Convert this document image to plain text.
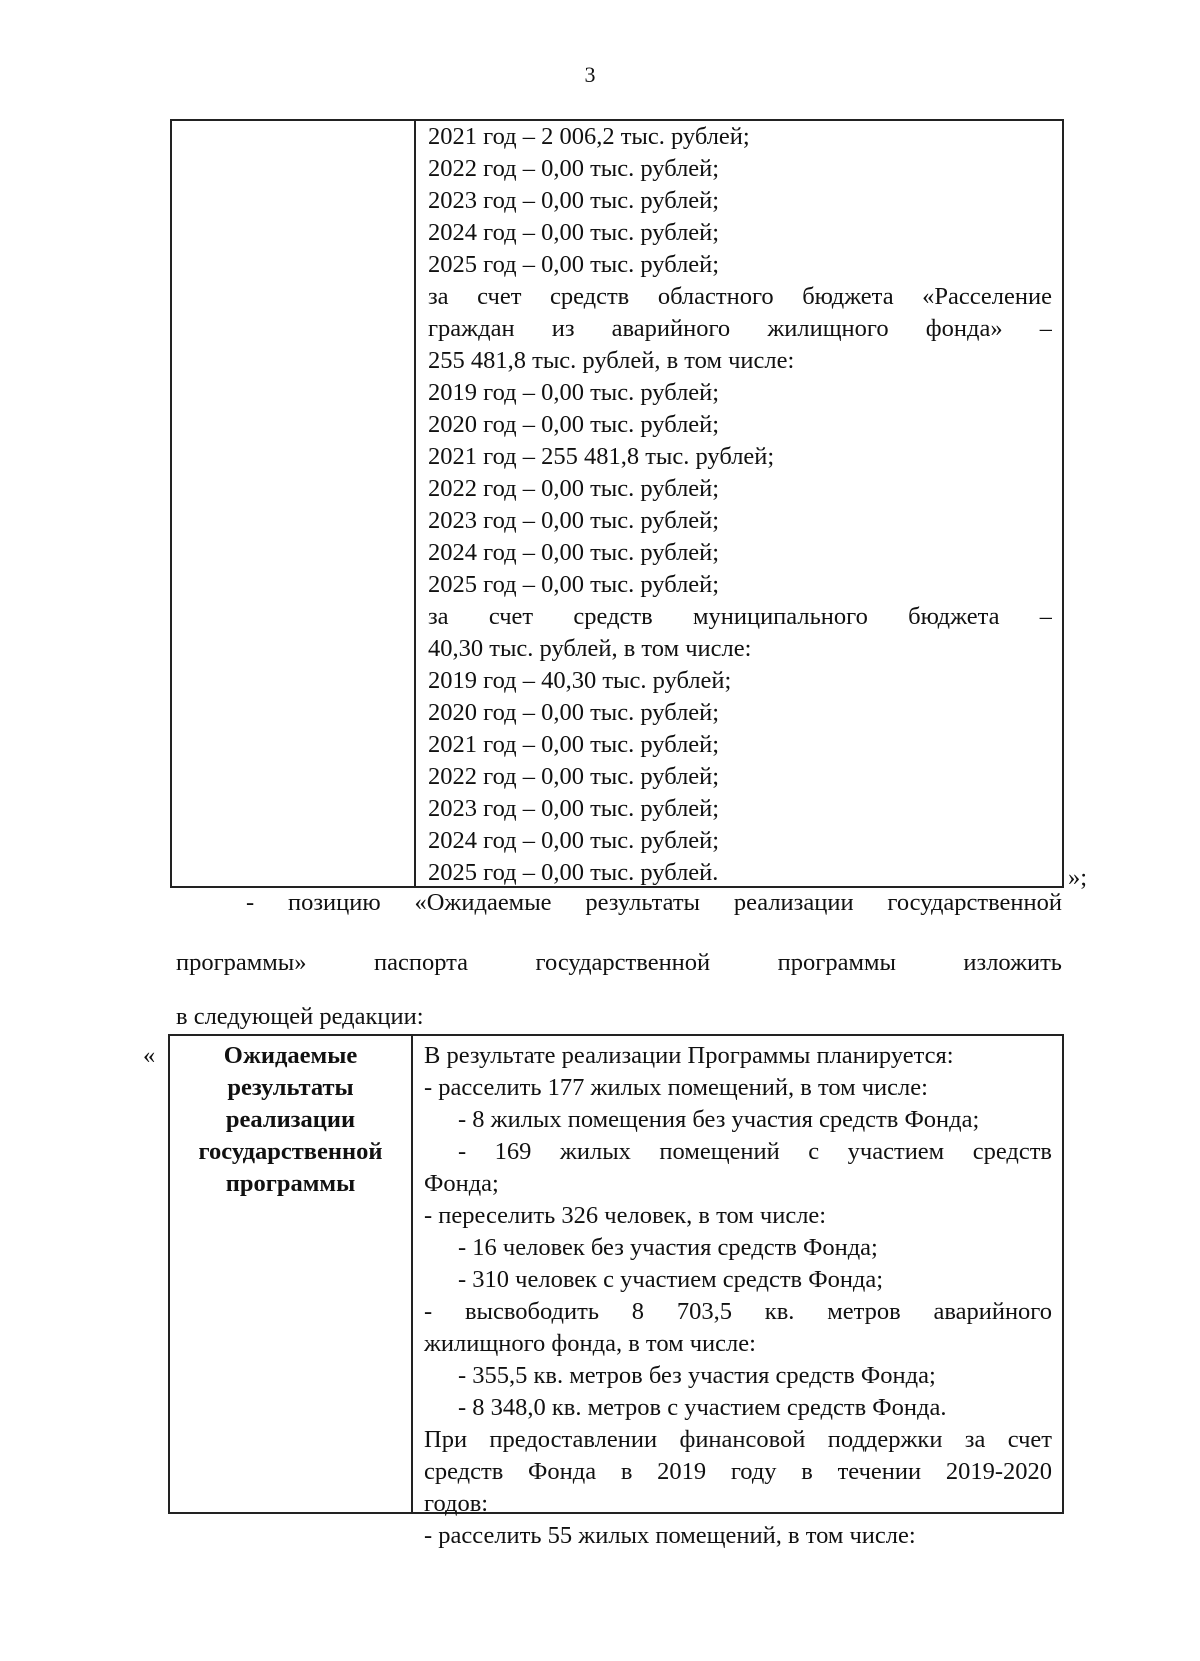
3
2021 год – 2 006,2 тыс. рублей;
2022 год – 0,00 тыс. рублей;
2023 год – 0,00 тыс. рублей;
2024 год – 0,00 тыс. рублей;
2025 год – 0,00 тыс. рублей;
за счет средств областного бюджета «Расселение
граждан из аварийного жилищного фонда» –
255 481,8 тыс. рублей, в том числе:
2019 год – 0,00 тыс. рублей;
2020 год – 0,00 тыс. рублей;
2021 год – 255 481,8 тыс. рублей;
2022 год – 0,00 тыс. рублей;
2023 год – 0,00 тыс. рублей;
2024 год – 0,00 тыс. рублей;
2025 год – 0,00 тыс. рублей;
за счет средств муниципального бюджета –
40,30 тыс. рублей, в том числе:
2019 год – 40,30 тыс. рублей;
2020 год – 0,00 тыс. рублей;
2021 год – 0,00 тыс. рублей;
2022 год – 0,00 тыс. рублей;
2023 год – 0,00 тыс. рублей;
2024 год – 0,00 тыс. рублей;
2025 год – 0,00 тыс. рублей.	»;
- позицию «Ожидаемые результаты реализации государственной
программы» паспорта государственной программы изложить
в следующей редакции:
«	Ожидаемые
результаты
реализации
государственной
программы
В результате реализации Программы планируется:
- расселить 177 жилых помещений, в том числе:
- 8 жилых помещения без участия средств Фонда;
- 169 жилых помещений с участием средств
Фонда;
- переселить 326 человек, в том числе:
- 16 человек без участия средств Фонда;
- 310 человек с участием средств Фонда;
- высвободить 8 703,5 кв. метров аварийного
жилищного фонда, в том числе:
- 355,5 кв. метров без участия средств Фонда;
- 8 348,0 кв. метров с участием средств Фонда.
При предоставлении финансовой поддержки за счет
средств Фонда в 2019 году в течении 2019-2020
годов:
- расселить 55 жилых помещений, в том числе:
